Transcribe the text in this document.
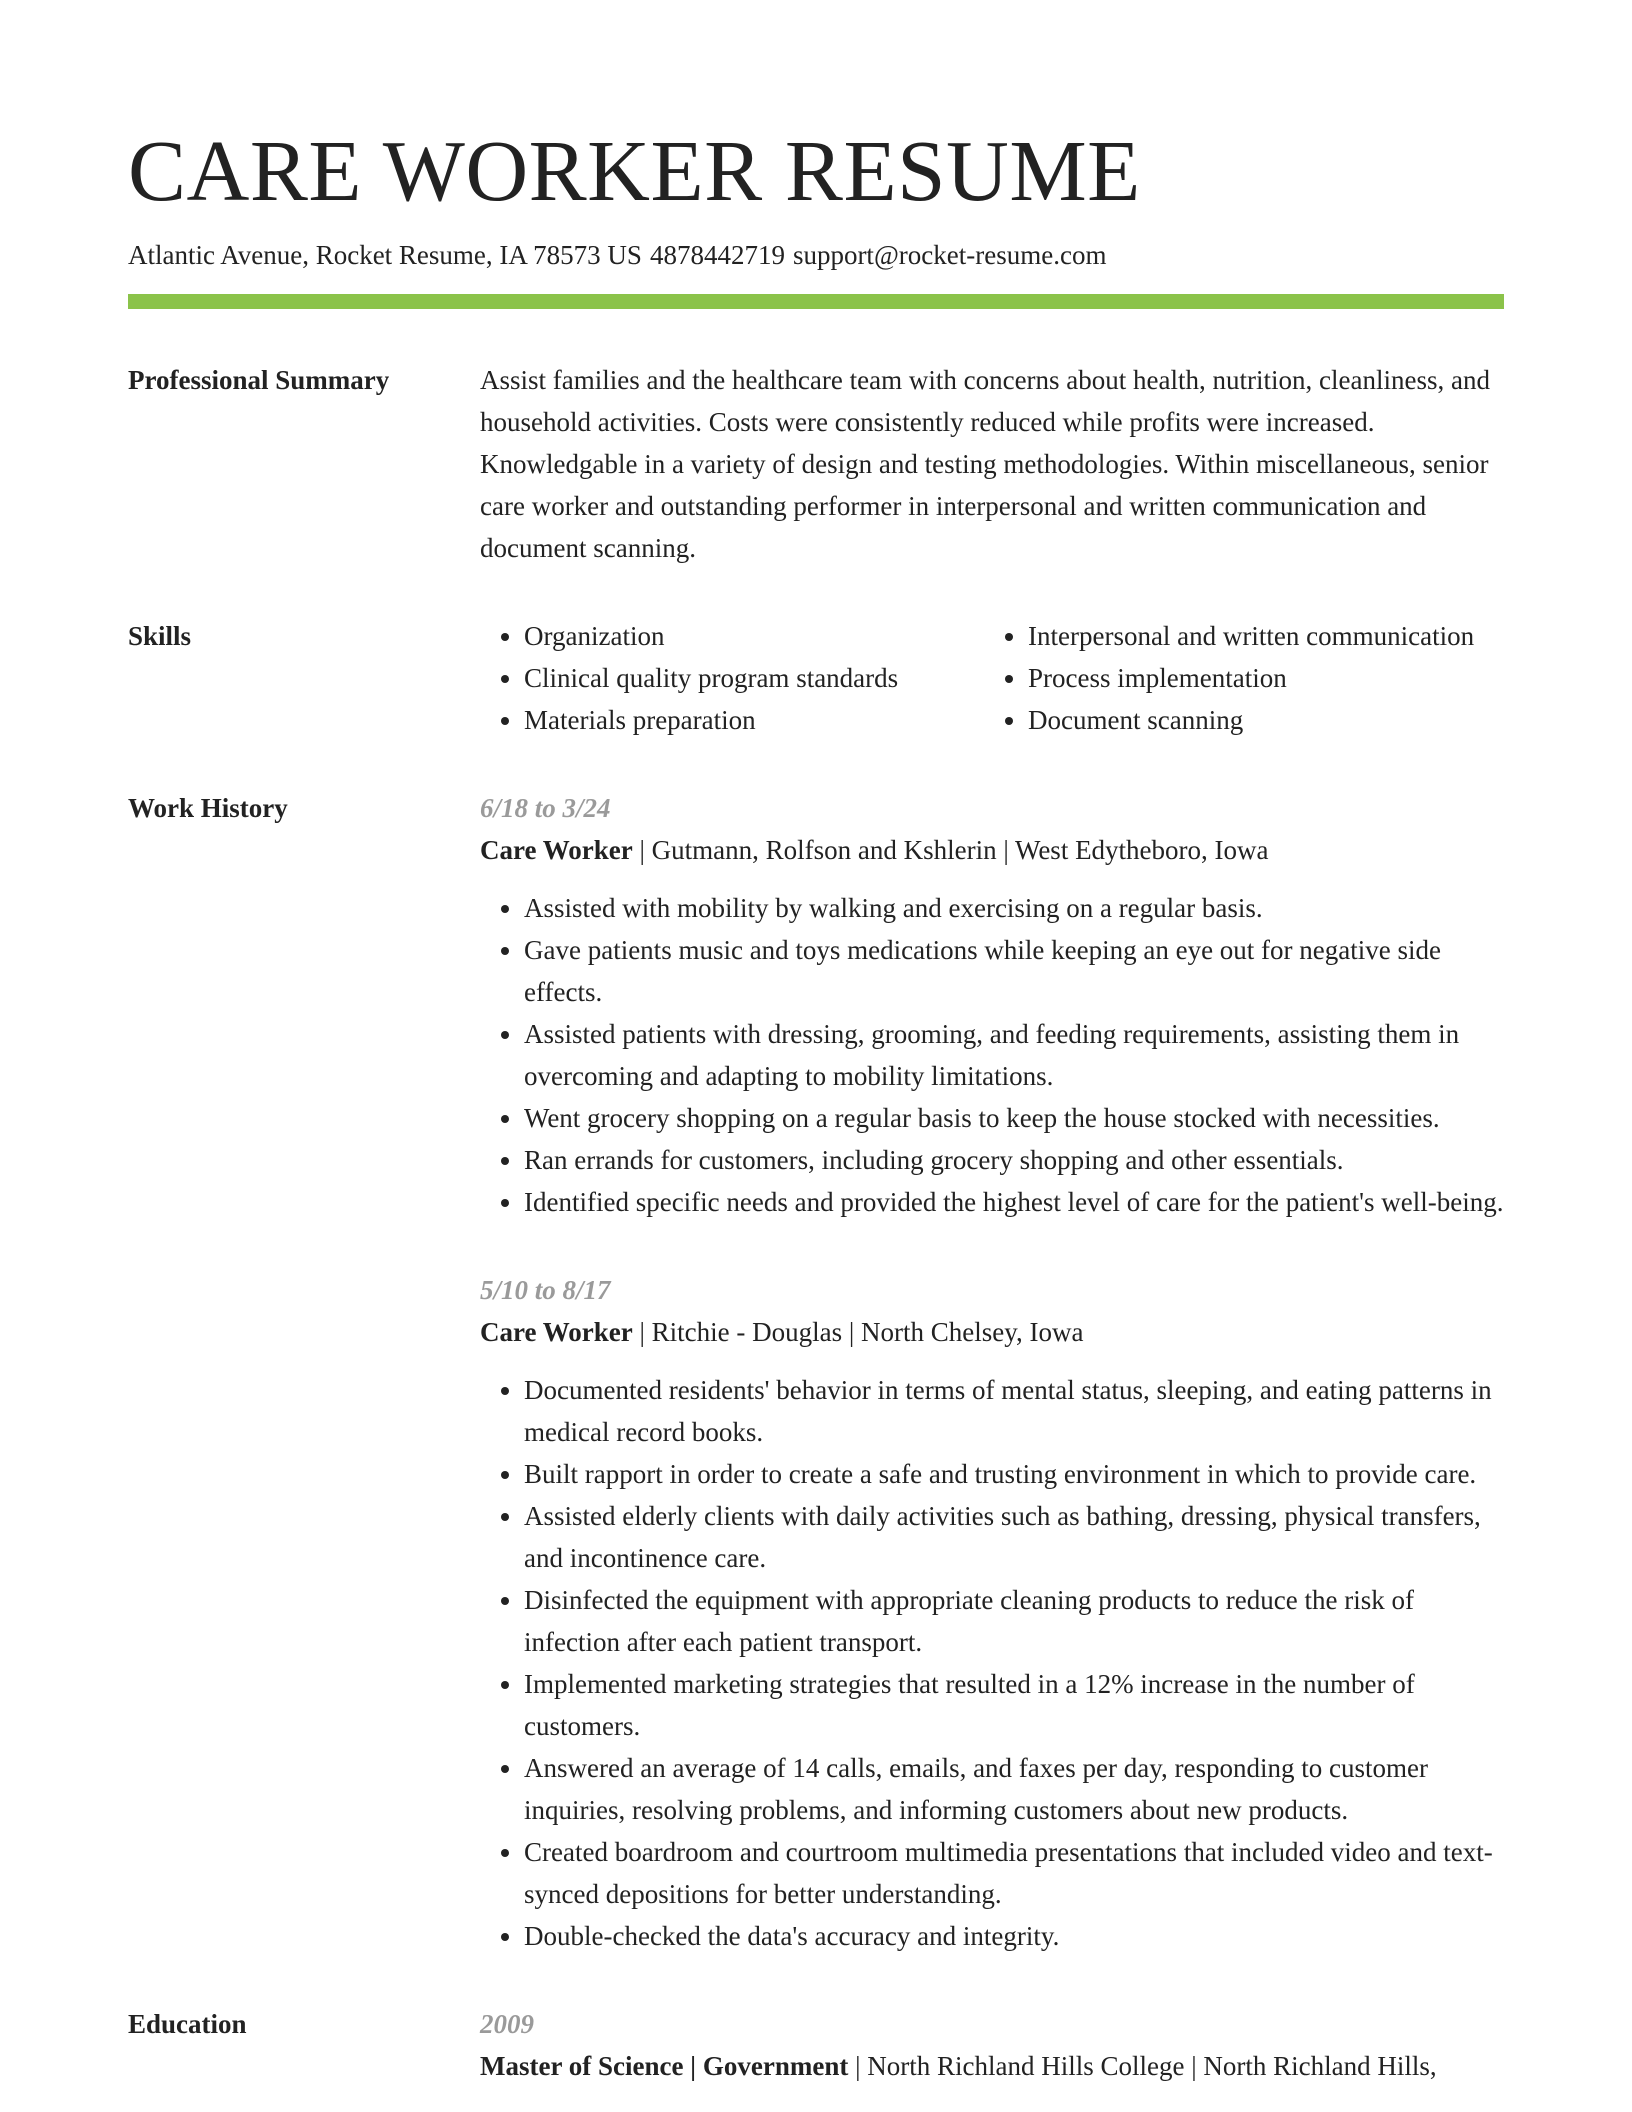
CARE WORKER RESUME
Atlantic Avenue, Rocket Resume, IA 78573 US 4878442719 support@rocket-resume.com
Professional Summary	Assist families and the healthcare team with concerns about health, nutrition, cleanliness, and household activities. Costs were consistently reduced while profits were increased. Knowledgable in a variety of design and testing methodologies. Within miscellaneous, senior care worker and outstanding performer in interpersonal and written communication and document scanning.

Skills
•	Organization
• Clinical quality program standards
• Materials preparation
• Interpersonal and written communication
• Process implementation
• Document scanning
Work History	6/18 to 3/24
Care Worker | Gutmann, Rolfson and Kshlerin | West Edytheboro, Iowa
• Assisted with mobility by walking and exercising on a regular basis.
• Gave patients music and toys medications while keeping an eye out for negative side effects.
• Assisted patients with dressing, grooming, and feeding requirements, assisting them in overcoming and adapting to mobility limitations.
• Went grocery shopping on a regular basis to keep the house stocked with necessities.
• Ran errands for customers, including grocery shopping and other essentials.
• Identified specific needs and provided the highest level of care for the patient's well-being.
5/10 to 8/17
Care Worker | Ritchie - Douglas | North Chelsey, Iowa
• Documented residents' behavior in terms of mental status, sleeping, and eating patterns in medical record books.
• Built rapport in order to create a safe and trusting environment in which to provide care.
• Assisted elderly clients with daily activities such as bathing, dressing, physical transfers, and incontinence care.
• Disinfected the equipment with appropriate cleaning products to reduce the risk of infection after each patient transport.
• Implemented marketing strategies that resulted in a 12% increase in the number of customers.
• Answered an average of 14 calls, emails, and faxes per day, responding to customer inquiries, resolving problems, and informing customers about new products.
• Created boardroom and courtroom multimedia presentations that included video and text-synced depositions for better understanding.
• Double-checked the data's accuracy and integrity.
Education	2009
Master of Science | Government | North Richland Hills College | North Richland Hills,
